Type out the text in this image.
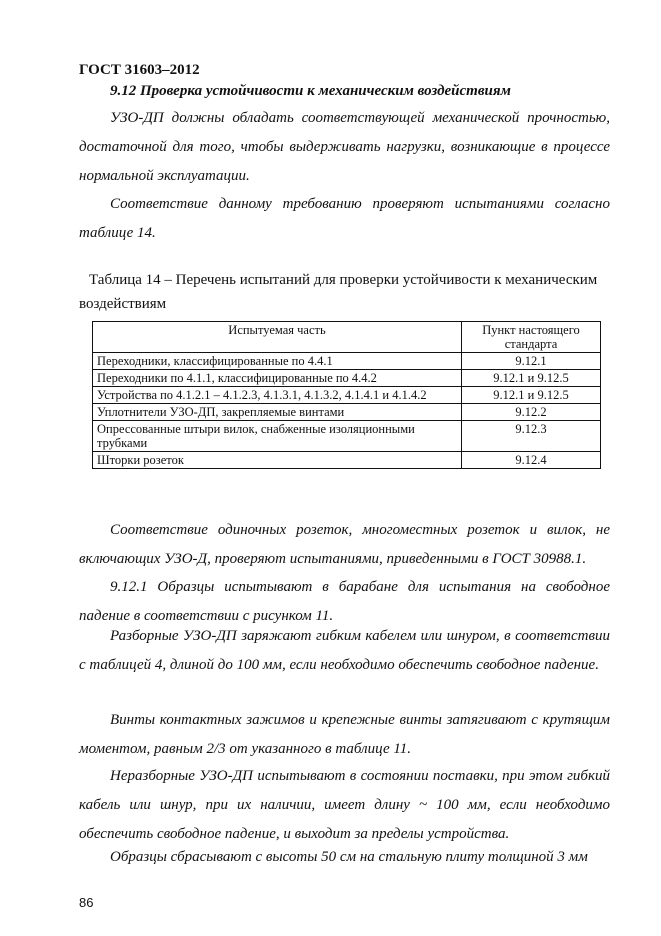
ГОСТ 31603–2012
9.12 Проверка устойчивости к механическим воздействиям

УЗО-ДП должны обладать соответствующей механической прочностью, достаточной для того, чтобы выдерживать нагрузки, возникающие в процессе нормальной эксплуатации.

Соответствие данному требованию проверяют испытаниями согласно таблице 14.

Таблица 14 – Перечень испытаний для проверки устойчивости к механическим воздействиям

Испытуемая часть	Пункт настоящего стандарта
Переходники, классифицированные по 4.4.1	9.12.1
Переходники по 4.1.1, классифицированные по 4.4.2	9.12.1 и 9.12.5
Устройства по 4.1.2.1 – 4.1.2.3, 4.1.3.1, 4.1.3.2, 4.1.4.1 и 4.1.4.2	9.12.1 и 9.12.5
Уплотнители УЗО-ДП, закрепляемые винтами	9.12.2
Опрессованные штыри вилок, снабженные изоляционными трубками	9.12.3
Шторки розеток	9.12.4

Соответствие одиночных розеток, многоместных розеток и вилок, не включающих УЗО-Д, проверяют испытаниями, приведенными в ГОСТ 30988.1.

9.12.1 Образцы испытывают в барабане для испытания на свободное падение в соответствии с рисунком 11.

Разборные УЗО-ДП заряжают гибким кабелем или шнуром, в соответствии с таблицей 4, длиной до 100 мм, если необходимо обеспечить свободное падение.

Винты контактных зажимов и крепежные винты затягивают с крутящим моментом, равным 2/3 от указанного в таблице 11.

Неразборные УЗО-ДП испытывают в состоянии поставки, при этом гибкий кабель или шнур, при их наличии, имеет длину ~ 100 мм, если необходимо обеспечить свободное падение, и выходит за пределы устройства.

Образцы сбрасывают с высоты 50 см на стальную плиту толщиной 3 мм

86
